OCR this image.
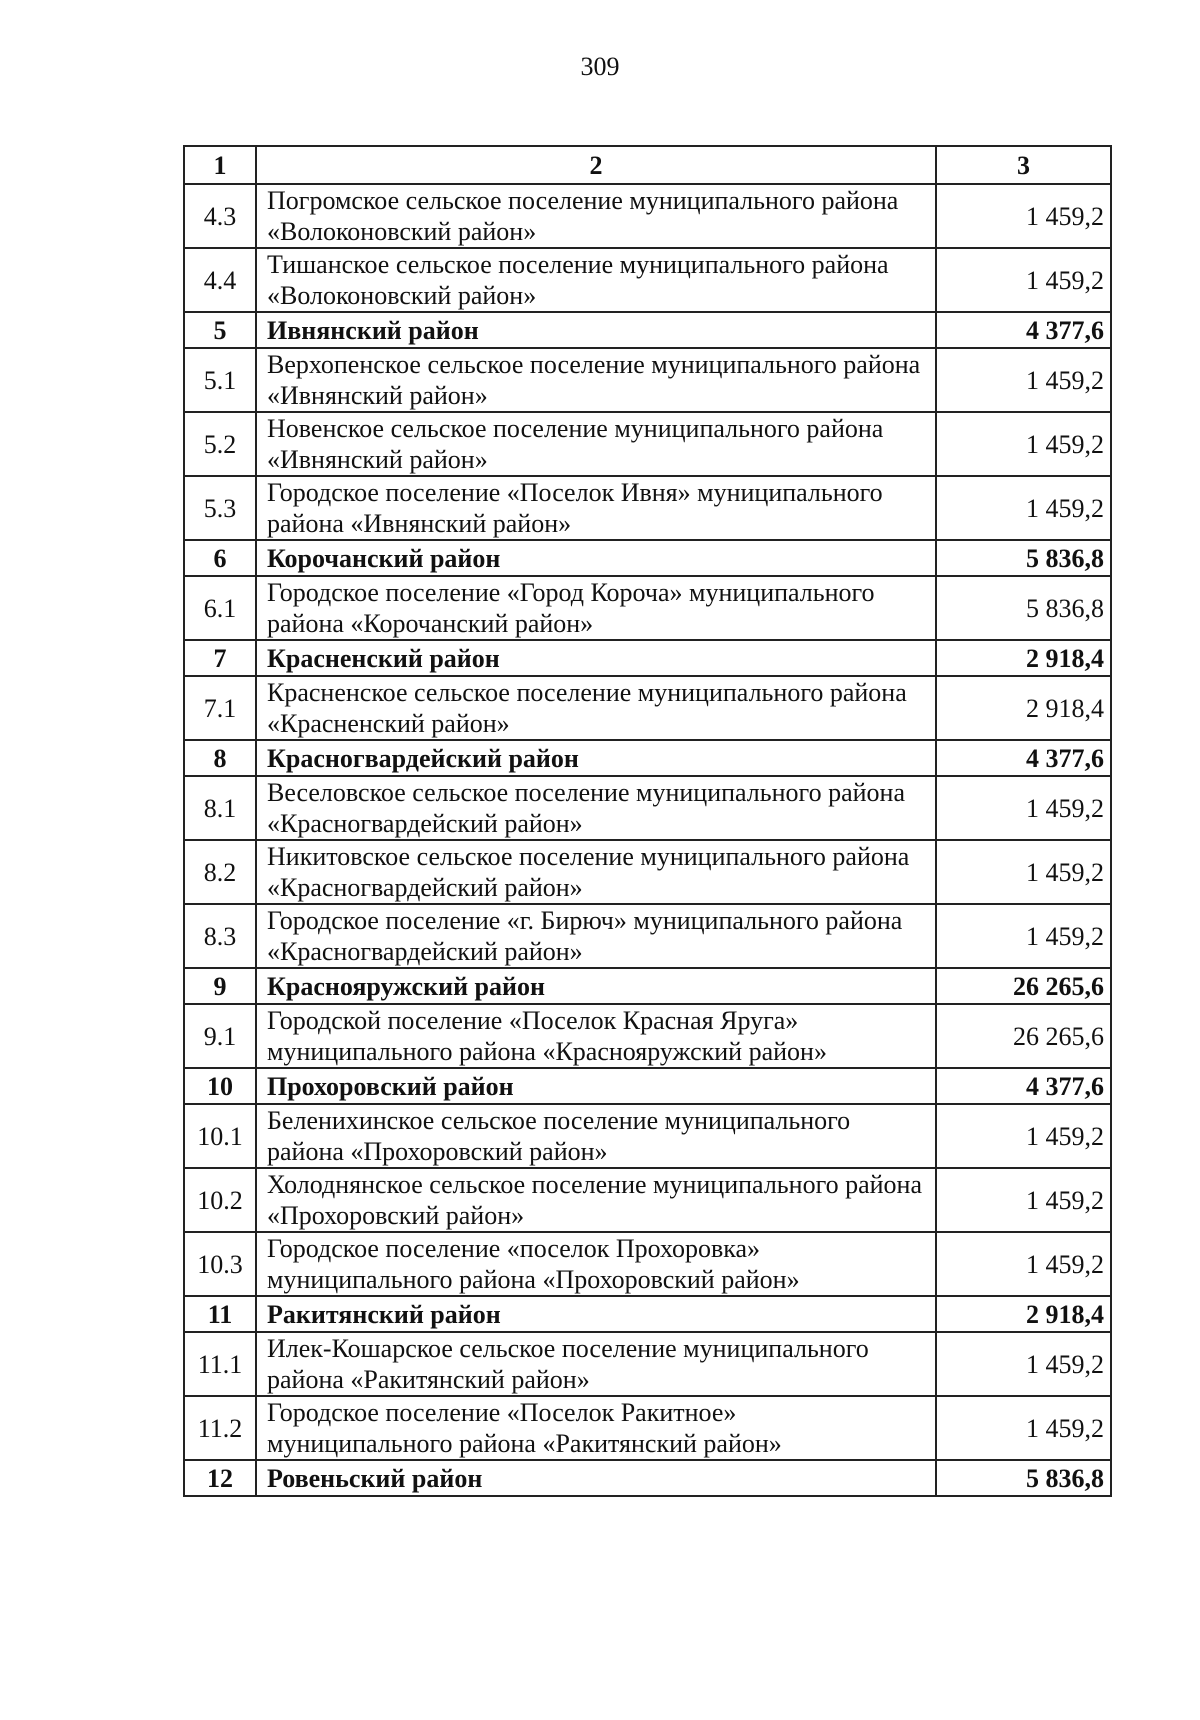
309
1	2	3
4.3	Погромское сельское поселение муниципального района «Волоконовский район»	1 459,2
4.4	Тишанское сельское поселение муниципального района «Волоконовский район»	1 459,2
5	Ивнянский район	4 377,6
5.1	Верхопенское сельское поселение муниципального района «Ивнянский район»	1 459,2
5.2	Новенское сельское поселение муниципального района «Ивнянский район»	1 459,2
5.3	Городское поселение «Поселок Ивня» муниципального района «Ивнянский район»	1 459,2
6	Корочанский район	5 836,8
6.1	Городское поселение «Город Короча» муниципального района «Корочанский район»	5 836,8
7	Красненский район	2 918,4
7.1	Красненское сельское поселение муниципального района «Красненский район»	2 918,4
8	Красногвардейский район	4 377,6
8.1	Веселовское сельское поселение муниципального района «Красногвардейский район»	1 459,2
8.2	Никитовское сельское поселение муниципального района «Красногвардейский район»	1 459,2
8.3	Городское поселение «г. Бирюч» муниципального района «Красногвардейский район»	1 459,2
9	Краснояружский район	26 265,6
9.1	Городской поселение «Поселок Красная Яруга» муниципального района «Краснояружский район»	26 265,6
10	Прохоровский район	4 377,6
10.1	Беленихинское сельское поселение муниципального района «Прохоровский район»	1 459,2
10.2	Холоднянское сельское поселение муниципального района «Прохоровский район»	1 459,2
10.3	Городское поселение «поселок Прохоровка» муниципального района «Прохоровский район»	1 459,2
11	Ракитянский район	2 918,4
11.1	Илек-Кошарское сельское поселение муниципального района «Ракитянский район»	1 459,2
11.2	Городское поселение «Поселок Ракитное» муниципального района «Ракитянский район»	1 459,2
12	Ровеньский район	5 836,8
